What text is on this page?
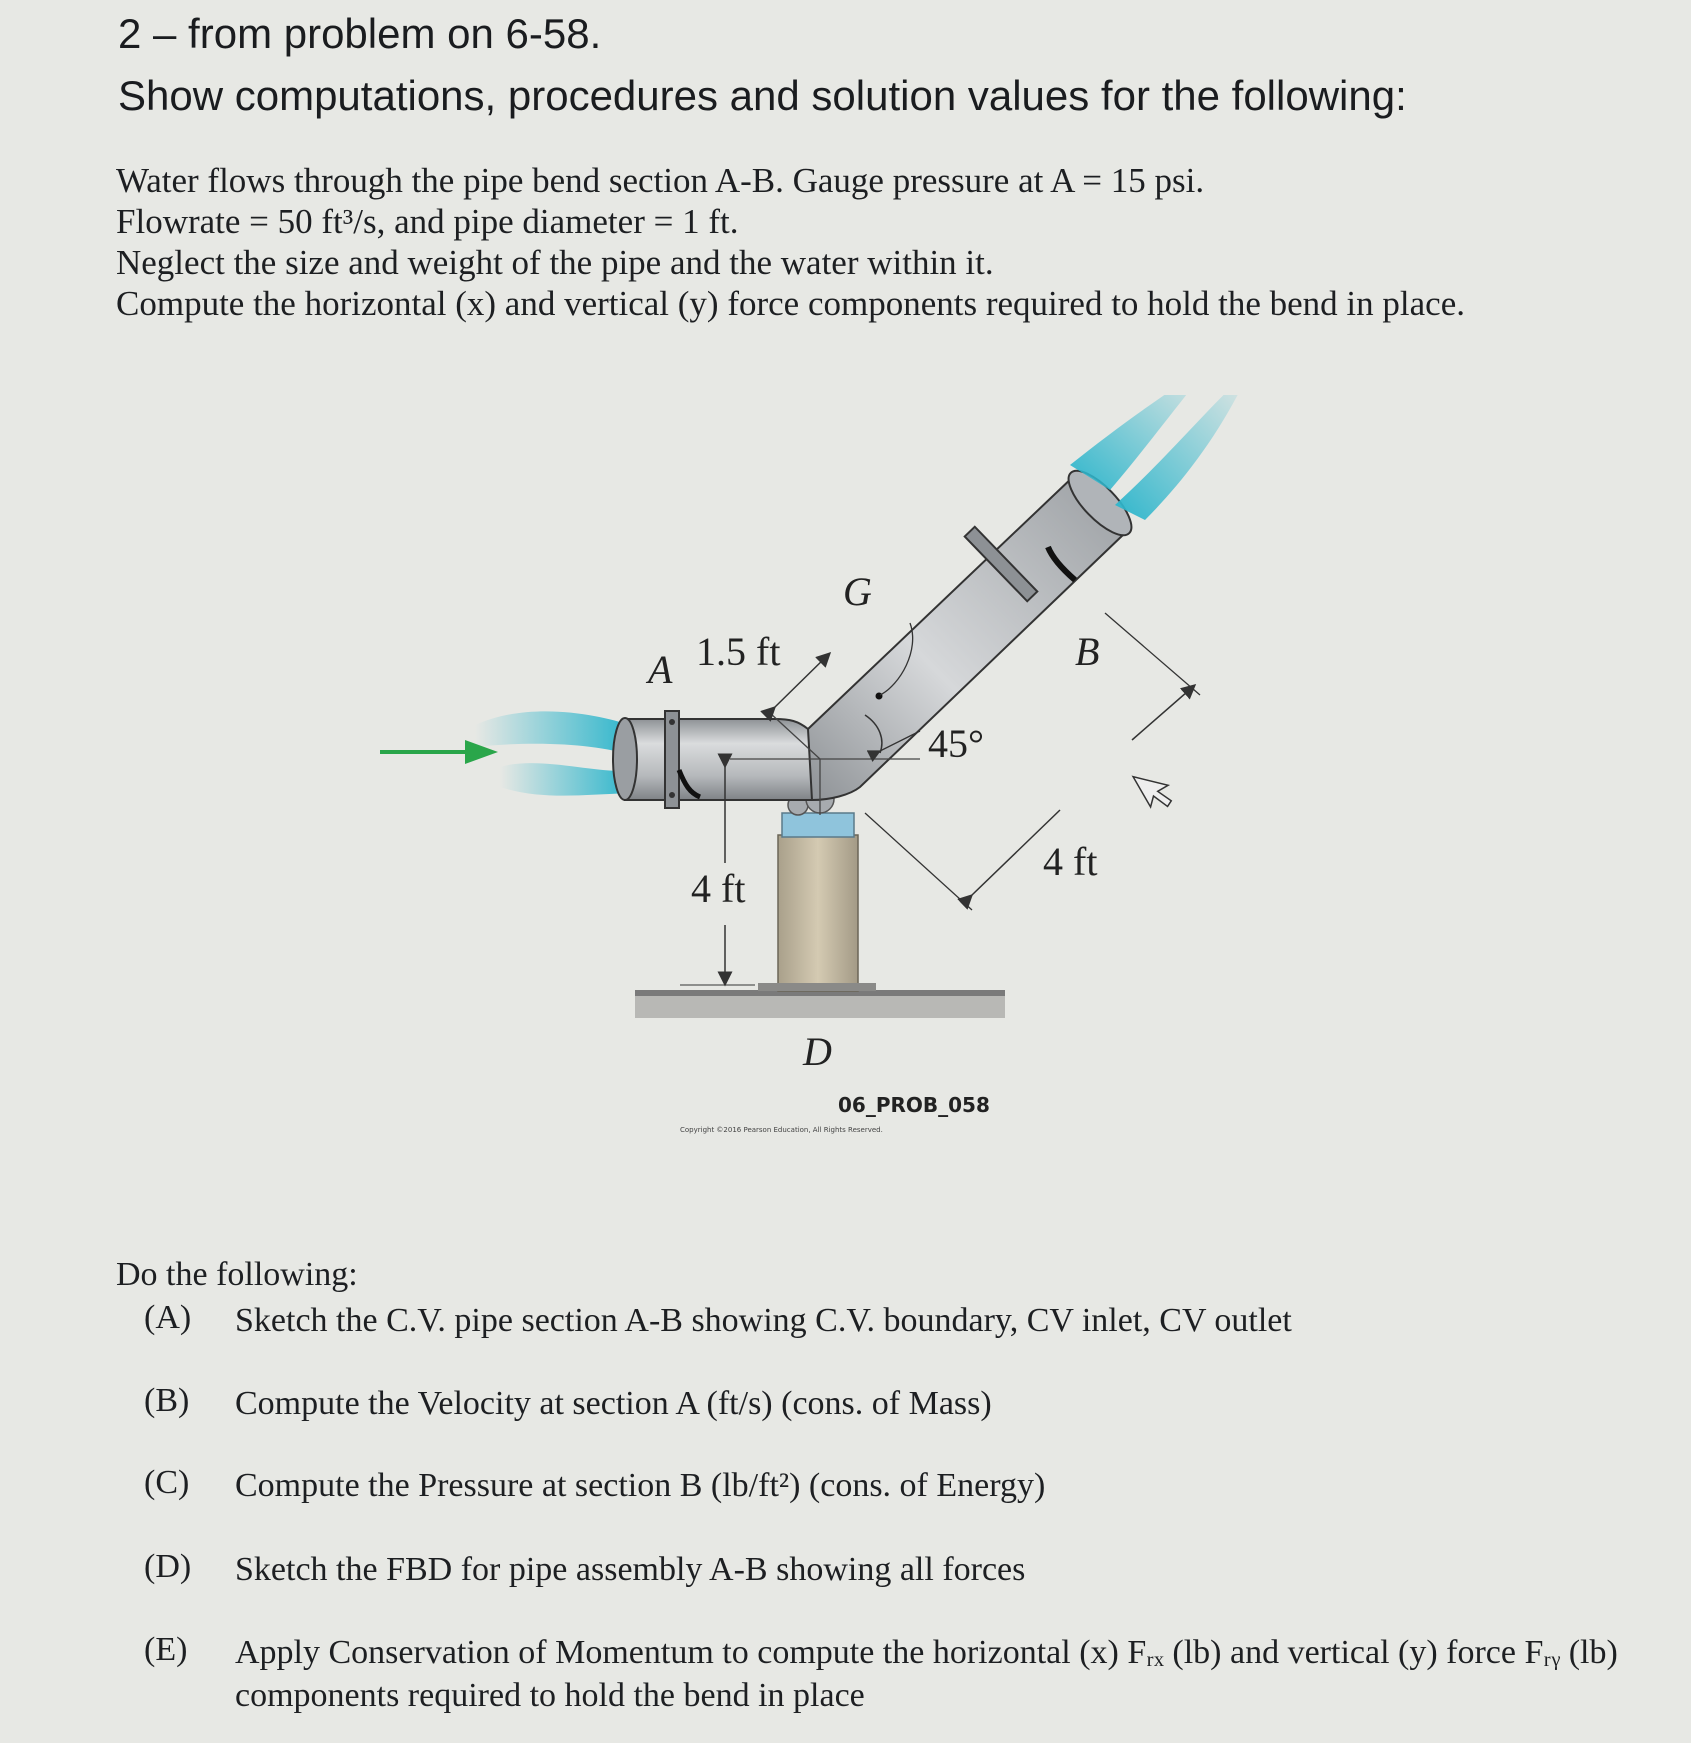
2 – from problem on 6-58.
Show computations, procedures and solution values for the following:
Water flows through the pipe bend section A-B. Gauge pressure at A = 15 psi.
Flowrate = 50 ft³/s, and pipe diameter = 1 ft.
Neglect the size and weight of the pipe and the water within it.
Compute the horizontal (x) and vertical (y) force components required to hold the bend in place.
A 1.5 ft
G
B
45°
4 ft
4 ft
D
06_PROB_058
Copyright ©2016 Pearson Education, All Rights Reserved.
Do the following:
(A) Sketch the C.V. pipe section A-B showing C.V. boundary, CV inlet, CV outlet
(B) Compute the Velocity at section A (ft/s) (cons. of Mass)
(C) Compute the Pressure at section B (lb/ft²) (cons. of Energy)
(D) Sketch the FBD for pipe assembly A-B showing all forces
(E) Apply Conservation of Momentum to compute the horizontal (x) Fᵣₓ (lb) and vertical (y) force Fᵣᵧ (lb) components required to hold the bend in place
